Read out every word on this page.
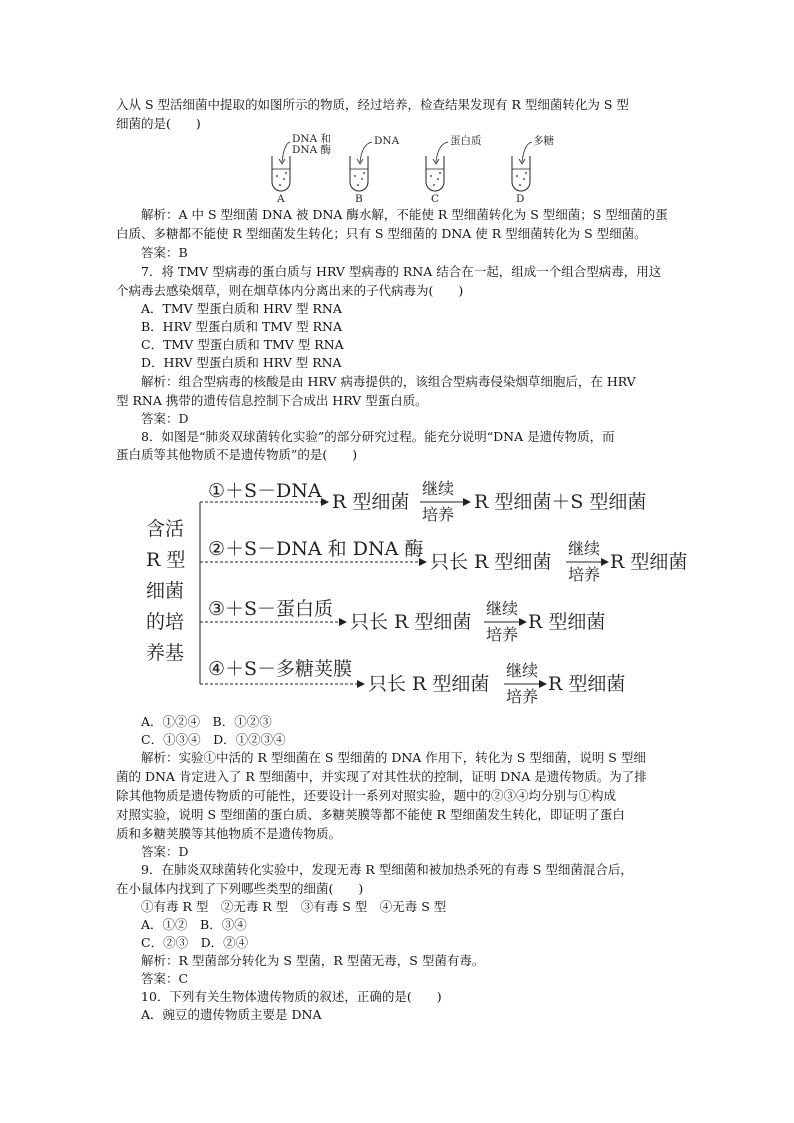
入从 S 型活细菌中提取的如图所示的物质，经过培养，检查结果发现有 R 型细菌转化为 S 型
细菌的是(　　)
DNA 和
DNA 酶
A
DNA
B
蛋白质
C
多糖
D
解析：A 中 S 型细菌 DNA 被 DNA 酶水解，不能使 R 型细菌转化为 S 型细菌；S 型细菌的蛋
白质、多糖都不能使 R 型细菌发生转化；只有 S 型细菌的 DNA 使 R 型细菌转化为 S 型细菌。
答案：B
7．将 TMV 型病毒的蛋白质与 HRV 型病毒的 RNA 结合在一起，组成一个组合型病毒，用这
个病毒去感染烟草，则在烟草体内分离出来的子代病毒为(　　)
A．TMV 型蛋白质和 HRV 型 RNA
B．HRV 型蛋白质和 TMV 型 RNA
C．TMV 型蛋白质和 TMV 型 RNA
D．HRV 型蛋白质和 HRV 型 RNA
解析：组合型病毒的核酸是由 HRV 病毒提供的，该组合型病毒侵染烟草细胞后，在 HRV
型 RNA 携带的遗传信息控制下合成出 HRV 型蛋白质。
答案：D
8．如图是“肺炎双球菌转化实验”的部分研究过程。能充分说明“DNA 是遗传物质，而
蛋白质等其他物质不是遗传物质”的是(　　)
含活
R 型
细菌
的培
养基
①＋S－DNA R 型细菌
继续
培养
R 型细菌＋S 型细菌
②＋S－DNA 和 DNA 酶
只长 R 型细菌
继续
培养
R 型细菌
③＋S－蛋白质
只长 R 型细菌
继续
培养
R 型细菌
④＋S－多糖荚膜
只长 R 型细菌
继续
培养
R 型细菌
A．①②④　B．①②③
C．①③④　D．①②③④
解析：实验①中活的 R 型细菌在 S 型细菌的 DNA 作用下，转化为 S 型细菌，说明 S 型细
菌的 DNA 肯定进入了 R 型细菌中，并实现了对其性状的控制，证明 DNA 是遗传物质。为了排
除其他物质是遗传物质的可能性，还要设计一系列对照实验，题中的②③④均分别与①构成
对照实验，说明 S 型细菌的蛋白质、多糖荚膜等都不能使 R 型细菌发生转化，即证明了蛋白
质和多糖荚膜等其他物质不是遗传物质。
答案：D
9．在肺炎双球菌转化实验中，发现无毒 R 型细菌和被加热杀死的有毒 S 型细菌混合后，
在小鼠体内找到了下列哪些类型的细菌(　　)
①有毒 R 型　②无毒 R 型　③有毒 S 型　④无毒 S 型
A．①②　B．③④
C．②③　D．②④
解析：R 型菌部分转化为 S 型菌，R 型菌无毒，S 型菌有毒。
答案：C
10．下列有关生物体遗传物质的叙述，正确的是(　　)
A．豌豆的遗传物质主要是 DNA
